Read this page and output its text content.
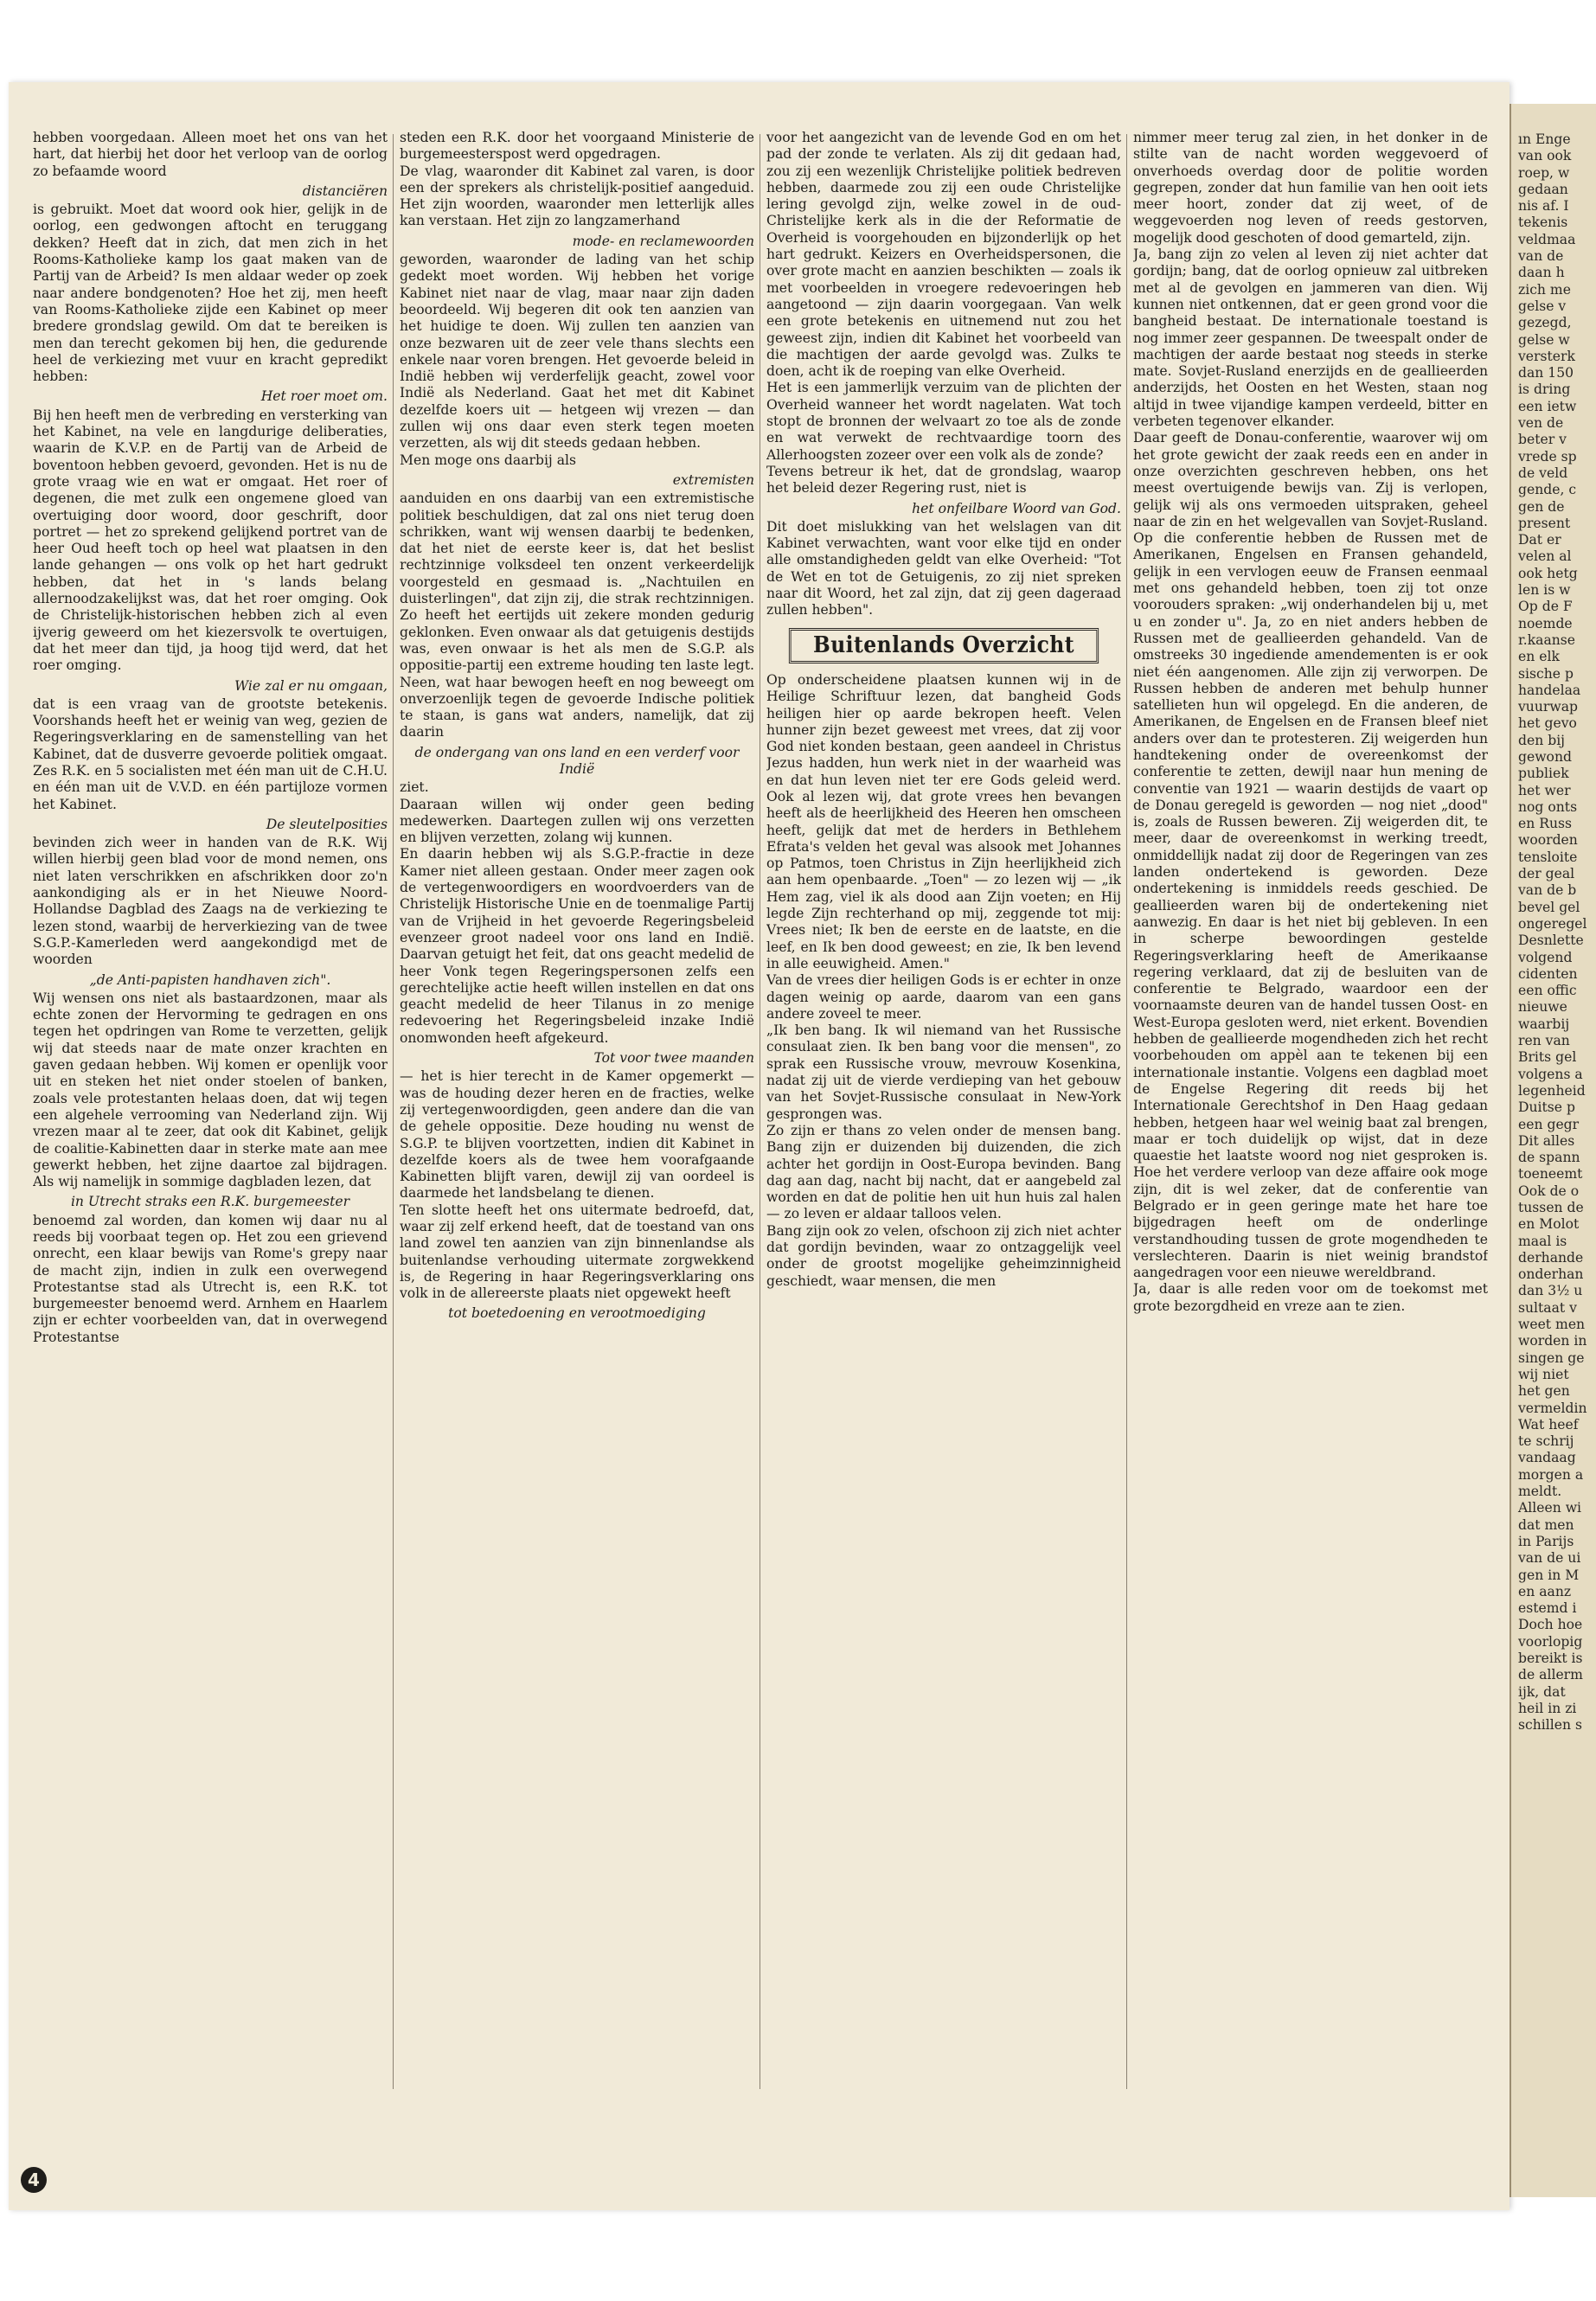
hebben voorgedaan. Alleen moet het ons van het hart, dat hierbij het door het verloop van de oorlog zo befaamde woord

distanciëren

is gebruikt. Moet dat woord ook hier, gelijk in de oorlog, een gedwongen aftocht en teruggang dekken? Heeft dat in zich, dat men zich in het Rooms-Katholieke kamp los gaat maken van de Partij van de Arbeid? Is men aldaar weder op zoek naar andere bondgenoten? Hoe het zij, men heeft van Rooms-Katholieke zijde een Kabinet op meer bredere grondslag gewild. Om dat te bereiken is men dan terecht gekomen bij hen, die gedurende heel de verkiezing met vuur en kracht gepredikt hebben:

Het roer moet om.

Bij hen heeft men de verbreding en versterking van het Kabinet, na vele en langdurige deliberaties, waarin de K.V.P. en de Partij van de Arbeid de boventoon hebben gevoerd, gevonden. Het is nu de grote vraag wie en wat er omgaat. Het roer of degenen, die met zulk een ongemene gloed van overtuiging door woord, door geschrift, door portret — het zo sprekend gelijkend portret van de heer Oud heeft toch op heel wat plaatsen in den lande gehangen — ons volk op het hart gedrukt hebben, dat het in 's lands belang allernoodzakelijkst was, dat het roer omging. Ook de Christelijk-historischen hebben zich al even ijverig geweerd om het kiezersvolk te overtuigen, dat het meer dan tijd, ja hoog tijd werd, dat het roer omging.

Wie zal er nu omgaan,

dat is een vraag van de grootste betekenis. Voorshands heeft het er weinig van weg, gezien de Regeringsverklaring en de samenstelling van het Kabinet, dat de dusverre gevoerde politiek omgaat. Zes R.K. en 5 socialisten met één man uit de C.H.U. en één man uit de V.V.D. en één partijloze vormen het Kabinet.

De sleutelposities

bevinden zich weer in handen van de R.K. Wij willen hierbij geen blad voor de mond nemen, ons niet laten verschrikken en afschrikken door zo'n aankondiging als er in het Nieuwe Noord-Hollandse Dagblad des Zaags na de verkiezing te lezen stond, waarbij de herverkiezing van de twee S.G.P.-Kamerleden werd aangekondigd met de woorden

„de Anti-papisten handhaven zich".

Wij wensen ons niet als bastaardzonen, maar als echte zonen der Hervorming te gedragen en ons tegen het opdringen van Rome te verzetten, gelijk wij dat steeds naar de mate onzer krachten en gaven gedaan hebben. Wij komen er openlijk voor uit en steken het niet onder stoelen of banken, zoals vele protestanten helaas doen, dat wij tegen een algehele verrooming van Nederland zijn. Wij vrezen maar al te zeer, dat ook dit Kabinet, gelijk de coalitie-Kabinetten daar in sterke mate aan mee gewerkt hebben, het zijne daartoe zal bijdragen. Als wij namelijk in sommige dagbladen lezen, dat

in Utrecht straks een R.K. burgemeester

benoemd zal worden, dan komen wij daar nu al reeds bij voorbaat tegen op. Het zou een grievend onrecht, een klaar bewijs van Rome's grepy naar de macht zijn, indien in zulk een overwegend Protestantse stad als Utrecht is, een R.K. tot burgemeester benoemd werd. Arnhem en Haarlem zijn er echter voorbeelden van, dat in overwegend Protestantse

steden een R.K. door het voorgaand Ministerie de burgemeesterspost werd opgedragen.

De vlag, waaronder dit Kabinet zal varen, is door een der sprekers als christelijk-positief aangeduid. Het zijn woorden, waaronder men letterlijk alles kan verstaan. Het zijn zo langzamerhand

mode- en reclamewoorden

geworden, waaronder de lading van het schip gedekt moet worden. Wij hebben het vorige Kabinet niet naar de vlag, maar naar zijn daden beoordeeld. Wij begeren dit ook ten aanzien van het huidige te doen. Wij zullen ten aanzien van onze bezwaren uit de zeer vele thans slechts een enkele naar voren brengen. Het gevoerde beleid in Indië hebben wij verderfelijk geacht, zowel voor Indië als Nederland. Gaat het met dit Kabinet dezelfde koers uit — hetgeen wij vrezen — dan zullen wij ons daar even sterk tegen moeten verzetten, als wij dit steeds gedaan hebben.

Men moge ons daarbij als

extremisten

aanduiden en ons daarbij van een extremistische politiek beschuldigen, dat zal ons niet terug doen schrikken, want wij wensen daarbij te bedenken, dat het niet de eerste keer is, dat het beslist rechtzinnige volksdeel ten onzent verkeerdelijk voorgesteld en gesmaad is. „Nachtuilen en duisterlingen", dat zijn zij, die strak rechtzinnigen. Zo heeft het eertijds uit zekere monden gedurig geklonken. Even onwaar als dat getuigenis destijds was, even onwaar is het als men de S.G.P. als oppositie-partij een extreme houding ten laste legt. Neen, wat haar bewogen heeft en nog beweegt om onverzoenlijk tegen de gevoerde Indische politiek te staan, is gans wat anders, namelijk, dat zij daarin

de ondergang van ons land en een verderf voor Indië

ziet.

Daaraan willen wij onder geen beding medewerken. Daartegen zullen wij ons verzetten en blijven verzetten, zolang wij kunnen.

En daarin hebben wij als S.G.P.-fractie in deze Kamer niet alleen gestaan. Onder meer zagen ook de vertegenwoordigers en woordvoerders van de Christelijk Historische Unie en de toenmalige Partij van de Vrijheid in het gevoerde Regeringsbeleid evenzeer groot nadeel voor ons land en Indië. Daarvan getuigt het feit, dat ons geacht medelid de heer Vonk tegen Regeringspersonen zelfs een gerechtelijke actie heeft willen instellen en dat ons geacht medelid de heer Tilanus in zo menige redevoering het Regeringsbeleid inzake Indië onomwonden heeft afgekeurd.

Tot voor twee maanden

— het is hier terecht in de Kamer opgemerkt — was de houding dezer heren en de fracties, welke zij vertegenwoordigden, geen andere dan die van de gehele oppositie. Deze houding nu wenst de S.G.P. te blijven voortzetten, indien dit Kabinet in dezelfde koers als de twee hem voorafgaande Kabinetten blijft varen, dewijl zij van oordeel is daarmede het landsbelang te dienen.

Ten slotte heeft het ons uitermate bedroefd, dat, waar zij zelf erkend heeft, dat de toestand van ons land zowel ten aanzien van zijn binnenlandse als buitenlandse verhouding uitermate zorgwekkend is, de Regering in haar Regeringsverklaring ons volk in de allereerste plaats niet opgewekt heeft

tot boetedoening en verootmoediging

voor het aangezicht van de levende God en om het pad der zonde te verlaten. Als zij dit gedaan had, zou zij een wezenlijk Christelijke politiek bedreven hebben, daarmede zou zij een oude Christelijke lering gevolgd zijn, welke zowel in de oud-Christelijke kerk als in die der Reformatie de Overheid is voorgehouden en bijzonderlijk op het hart gedrukt. Keizers en Overheidspersonen, die over grote macht en aanzien beschikten — zoals ik met voorbeelden in vroegere redevoeringen heb aangetoond — zijn daarin voorgegaan. Van welk een grote betekenis en uitnemend nut zou het geweest zijn, indien dit Kabinet het voorbeeld van die machtigen der aarde gevolgd was. Zulks te doen, acht ik de roeping van elke Overheid.

Het is een jammerlijk verzuim van de plichten der Overheid wanneer het wordt nagelaten. Wat toch stopt de bronnen der welvaart zo toe als de zonde en wat verwekt de rechtvaardige toorn des Allerhoogsten zozeer over een volk als de zonde?

Tevens betreur ik het, dat de grondslag, waarop het beleid dezer Regering rust, niet is

het onfeilbare Woord van God.

Dit doet mislukking van het welslagen van dit Kabinet verwachten, want voor elke tijd en onder alle omstandigheden geldt van elke Overheid: "Tot de Wet en tot de Getuigenis, zo zij niet spreken naar dit Woord, het zal zijn, dat zij geen dageraad zullen hebben".

Buitenlands Overzicht

Op onderscheidene plaatsen kunnen wij in de Heilige Schriftuur lezen, dat bangheid Gods heiligen hier op aarde bekropen heeft. Velen hunner zijn bezet geweest met vrees, dat zij voor God niet konden bestaan, geen aandeel in Christus Jezus hadden, hun werk niet in der waarheid was en dat hun leven niet ter ere Gods geleid werd. Ook al lezen wij, dat grote vrees hen bevangen heeft als de heerlijkheid des Heeren hen omscheen heeft, gelijk dat met de herders in Bethlehem Efrata's velden het geval was alsook met Johannes op Patmos, toen Christus in Zijn heerlijkheid zich aan hem openbaarde. „Toen" — zo lezen wij — „ik Hem zag, viel ik als dood aan Zijn voeten; en Hij legde Zijn rechterhand op mij, zeggende tot mij: Vrees niet; Ik ben de eerste en de laatste, en die leef, en Ik ben dood geweest; en zie, Ik ben levend in alle eeuwigheid. Amen."

Van de vrees dier heiligen Gods is er echter in onze dagen weinig op aarde, daarom van een gans andere zoveel te meer.

„Ik ben bang. Ik wil niemand van het Russische consulaat zien. Ik ben bang voor die mensen", zo sprak een Russische vrouw, mevrouw Kosenkina, nadat zij uit de vierde verdieping van het gebouw van het Sovjet-Russische consulaat in New-York gesprongen was.

Zo zijn er thans zo velen onder de mensen bang. Bang zijn er duizenden bij duizenden, die zich achter het gordijn in Oost-Europa bevinden. Bang dag aan dag, nacht bij nacht, dat er aangebeld zal worden en dat de politie hen uit hun huis zal halen — zo leven er aldaar talloos velen.

Bang zijn ook zo velen, ofschoon zij zich niet achter dat gordijn bevinden, waar zo ontzaggelijk veel onder de grootst mogelijke geheimzinnigheid geschiedt, waar mensen, die men

nimmer meer terug zal zien, in het donker in de stilte van de nacht worden weggevoerd of onverhoeds overdag door de politie worden gegrepen, zonder dat hun familie van hen ooit iets meer hoort, zonder dat zij weet, of de weggevoerden nog leven of reeds gestorven, mogelijk dood geschoten of dood gemarteld, zijn.

Ja, bang zijn zo velen al leven zij niet achter dat gordijn; bang, dat de oorlog opnieuw zal uitbreken met al de gevolgen en jammeren van dien. Wij kunnen niet ontkennen, dat er geen grond voor die bangheid bestaat. De internationale toestand is nog immer zeer gespannen. De tweespalt onder de machtigen der aarde bestaat nog steeds in sterke mate. Sovjet-Rusland enerzijds en de geallieerden anderzijds, het Oosten en het Westen, staan nog altijd in twee vijandige kampen verdeeld, bitter en verbeten tegenover elkander.

Daar geeft de Donau-conferentie, waarover wij om het grote gewicht der zaak reeds een en ander in onze overzichten geschreven hebben, ons het meest overtuigende bewijs van. Zij is verlopen, gelijk wij als ons vermoeden uitspraken, geheel naar de zin en het welgevallen van Sovjet-Rusland. Op die conferentie hebben de Russen met de Amerikanen, Engelsen en Fransen gehandeld, gelijk in een vervlogen eeuw de Fransen eenmaal met ons gehandeld hebben, toen zij tot onze voorouders spraken: „wij onderhandelen bij u, met u en zonder u". Ja, zo en niet anders hebben de Russen met de geallieerden gehandeld. Van de omstreeks 30 ingediende amendementen is er ook niet één aangenomen. Alle zijn zij verworpen. De Russen hebben de anderen met behulp hunner satellieten hun wil opgelegd. En die anderen, de Amerikanen, de Engelsen en de Fransen bleef niet anders over dan te protesteren. Zij weigerden hun handtekening onder de overeenkomst der conferentie te zetten, dewijl naar hun mening de conventie van 1921 — waarin destijds de vaart op de Donau geregeld is geworden — nog niet „dood" is, zoals de Russen beweren. Zij weigerden dit, te meer, daar de overeenkomst in werking treedt, onmiddellijk nadat zij door de Regeringen van zes landen ondertekend is geworden. Deze ondertekening is inmiddels reeds geschied. De geallieerden waren bij de ondertekening niet aanwezig. En daar is het niet bij gebleven. In een in scherpe bewoordingen gestelde Regeringsverklaring heeft de Amerikaanse regering verklaard, dat zij de besluiten van de conferentie te Belgrado, waardoor een der voornaamste deuren van de handel tussen Oost- en West-Europa gesloten werd, niet erkent. Bovendien hebben de geallieerde mogendheden zich het recht voorbehouden om appèl aan te tekenen bij een internationale instantie. Volgens een dagblad moet de Engelse Regering dit reeds bij het Internationale Gerechtshof in Den Haag gedaan hebben, hetgeen haar wel weinig baat zal brengen, maar er toch duidelijk op wijst, dat in deze quaestie het laatste woord nog niet gesproken is. Hoe het verdere verloop van deze affaire ook moge zijn, dit is wel zeker, dat de conferentie van Belgrado er in geen geringe mate het hare toe bijgedragen heeft om de onderlinge verstandhouding tussen de grote mogendheden te verslechteren. Daarin is niet weinig brandstof aangedragen voor een nieuwe wereldbrand.

Ja, daar is alle reden voor om de toekomst met grote bezorgdheid en vreze aan te zien.

4
ın Enge
van ook
roep, w
gedaan
nis af. I
tekenis
veldmaa
van de
daan h
zich me
gelse v
gezegd,
gelse w
versterk
dan 150
is dring
een ietw
ven de
beter v
vrede sp
de veld
gende, c
gen de
present
Dat er
velen al
ook hetg
len is w
Op de F
noemde
r.kaanse
en elk
sische p
handelaa
vuurwap
het gevo
den bij
gewond
publiek
het wer
nog onts
en Russ
woorden
tensloite
der geal
van de b
bevel gel
ongeregel
Desnlette
volgend
cidenten
een offic
nieuwe
waarbij
ren van
Brits gel
volgens a
legenheid
Duitse p
een gegr
Dit alles
de spann
toeneemt
Ook de o
tussen de
en Molot
maal is
derhande
onderhan
dan 3½ u
sultaat v
weet men
worden in
singen ge
wij niet
het gen
vermeldin
Wat heef
te schrij
vandaag
morgen a
meldt.
Alleen wi
dat men
in Parijs
van de ui
gen in M
en aanz
estemd i
Doch hoe
voorlopig
bereikt is
de allerm
ijk, dat
heil in zi
schillen s
